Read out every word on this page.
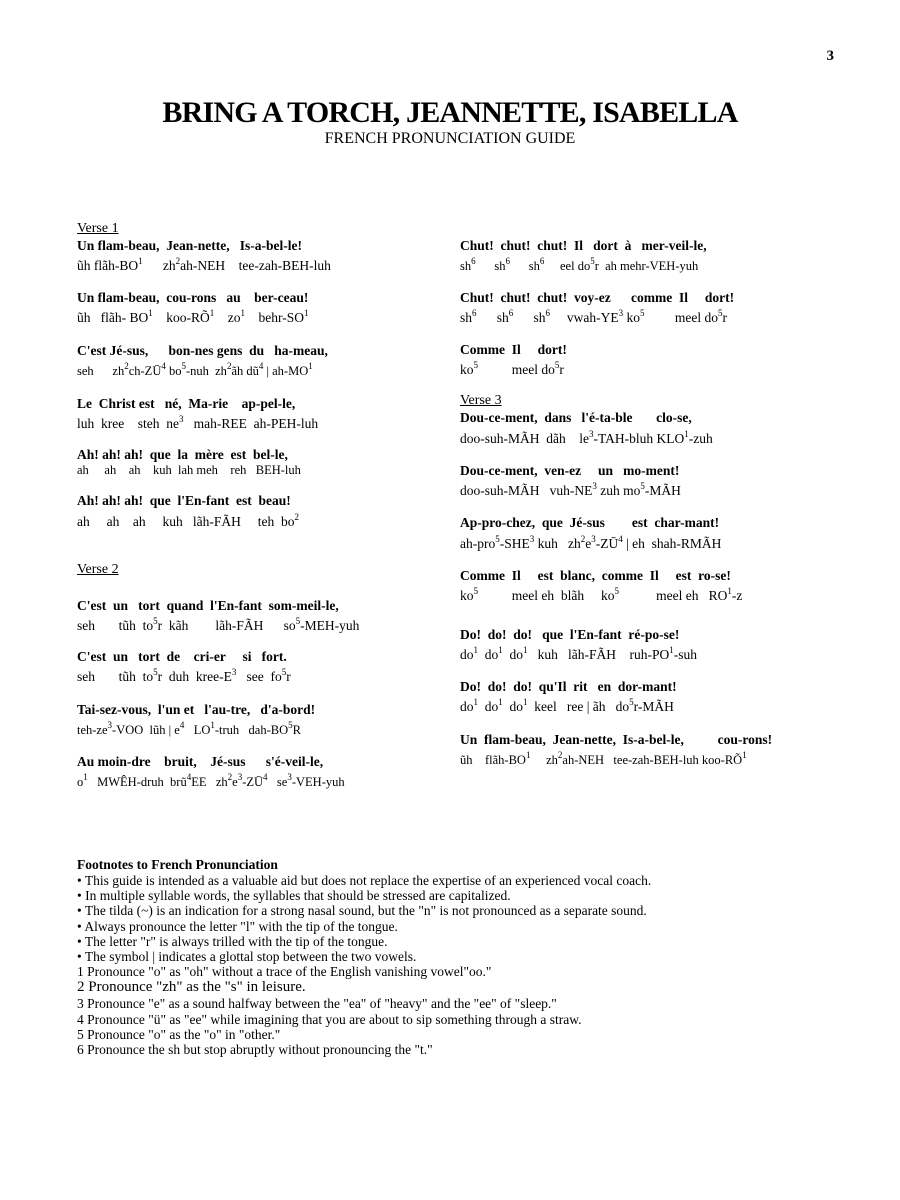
3
BRING A TORCH, JEANNETTE, ISABELLA
FRENCH PRONUNCIATION GUIDE
Verse 1
Un flam-beau,  Jean-nette,   Is-a-bel-le!
ũh flãh-$BO^1$      $zh^2ah$-NEH    tee-zah-BEH-luh
Un flam-beau,  cou-rons   au    ber-ceau!
ũh   flãh- $BO^1$    koo-$RÕ^1$    $zo^1$    behr-$SO^1$
C'est Jé-sus,      bon-nes gens  du   ha-meau,
seh      $zh^2ch-ZŪ^4$ $bo^5$-nuh  $zh^2ãh$ $dũ^4$ | $ah-MO^1$
Le  Christ est   né,  Ma-rie    ap-pel-le,
luh  kree    steh  $ne^3$   mah-REE  ah-PEH-luh
Ah! ah! ah!  que  la  mère  est  bel-le,
ah     ah    ah    kuh  lah meh    reh   BEH-luh
Ah! ah! ah!  que  l'En-fant  est  beau!
ah     ah    ah     kuh   lãh-FÃH     teh  $bo^2$
Verse 2
C'est  un   tort  quand  l'En-fant  som-meil-le,
seh       tũh  $to^5r$  kãh        lãh-FÃH      $so^5-MEH$-yuh
C'est  un   tort  de    cri-er     si   fort.
seh       tũh  $to^5r$  duh  kree-$E^3$   see  $fo^5r$
Tai-sez-vous,  l'un et   l'au-tre,   d'a-bord!
teh-$ze^3$-VOO  lũh | $e^4$   $LO^1$-truh   dah-$BO^5R$
Au moin-dre    bruit,    Jé-sus      s'é-veil-le,
$o^1$   MWÊH-druh  brũ$^4$EE   $zh^2e^3-ZŪ^4$   $se^3-VEH$-yuh
Chut!  chut!  chut!  Il   dort  à   mer-veil-le,
$sh^6$      $sh^6$      $sh^6$     eel $do^5r$  ah mehr-VEH-yuh
Chut!  chut!  chut!  voy-ez      comme  Il     dort!
$sh^6$      $sh^6$      $sh^6$     vwah-$YE^3$ $ko^5$         meel $do^5r$
Comme  Il     dort!
$ko^5$          meel $do^5r$
Verse 3
Dou-ce-ment,  dans   l'é-ta-ble       clo-se,
doo-suh-MÃH  dãh    $le^3-TAH$-bluh KLO$^1$-zuh
Dou-ce-ment,  ven-ez     un   mo-ment!
doo-suh-MÃH   vuh-$NE^3$ zuh $mo^5$-MÃH
Ap-pro-chez,  que  Jé-sus        est  char-mant!
ah-pro$^5$-SHE$^3$ kuh   $zh^2e^3-ZŪ^4$ | eh  shah-RMÃH
Comme  Il     est  blanc,  comme  Il     est  ro-se!
$ko^5$          meel eh  blãh     $ko^5$           meel eh   $RO^1-z$
Do!  do!  do!   que  l'En-fant  ré-po-se!
$do^1$  $do^1$  $do^1$   kuh   lãh-FÃH    ruh-$PO^1$-suh
Do!  do!  do!  qu'Il  rit   en  dor-mant!
$do^1$  $do^1$  $do^1$  keel   ree | ãh   $do^5r$-MÃH
Un  flam-beau,  Jean-nette,  Is-a-bel-le,          cou-rons!
ũh    flãh-$BO^1$     $zh^2ah$-NEH   tee-zah-BEH-luh koo-$RÕ^1$
Footnotes to French Pronunciation
• This guide is intended as a valuable aid but does not replace the expertise of an experienced vocal coach.
• In multiple syllable words, the syllables that should be stressed are capitalized.
• The tilda (~) is an indication for a strong nasal sound, but the "n" is not pronounced as a separate sound.
• Always pronounce the letter "l" with the tip of the tongue.
• The letter "r" is always trilled with the tip of the tongue.
• The symbol | indicates a glottal stop between the two vowels.
1 Pronounce "o" as "oh" without a trace of the English vanishing vowel"oo."
2 Pronounce "zh" as the "s" in leisure.
3 Pronounce "e" as a sound halfway between the "ea" of "heavy" and the "ee" of "sleep."
4 Pronounce "ü" as "ee" while imagining that you are about to sip something through a straw.
5 Pronounce "o" as the "o" in "other."
6 Pronounce the sh but stop abruptly without pronouncing the "t."
